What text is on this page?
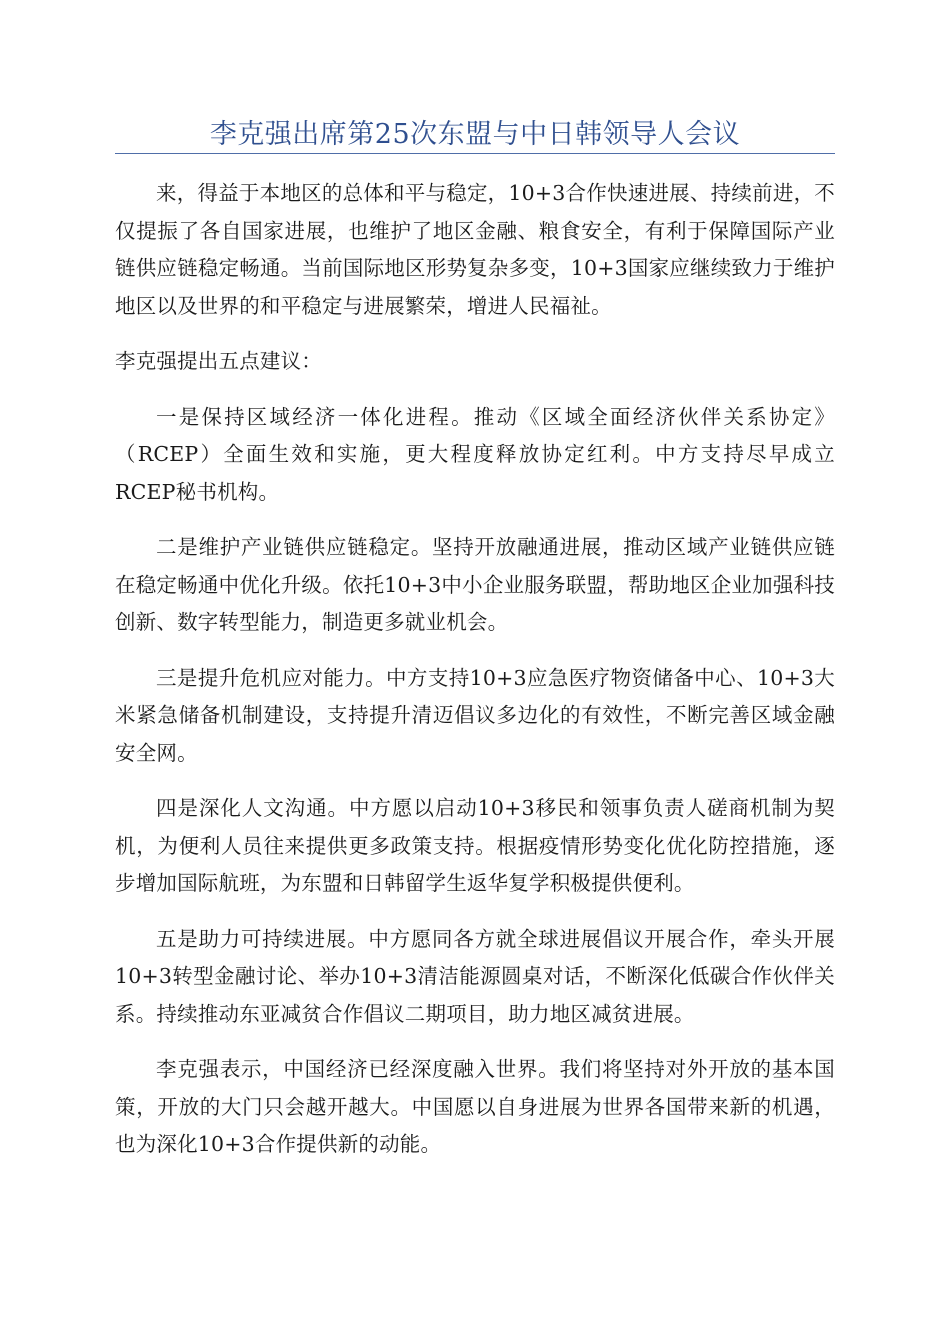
李克强出席第25次东盟与中日韩领导人会议

来，得益于本地区的总体和平与稳定，10+3合作快速进展、持续前进，不仅提振了各自国家进展，也维护了地区金融、粮食安全，有利于保障国际产业链供应链稳定畅通。当前国际地区形势复杂多变，10+3国家应继续致力于维护地区以及世界的和平稳定与进展繁荣，增进人民福祉。

李克强提出五点建议：

一是保持区域经济一体化进程。推动《区域全面经济伙伴关系协定》（RCEP）全面生效和实施，更大程度释放协定红利。中方支持尽早成立RCEP秘书机构。

二是维护产业链供应链稳定。坚持开放融通进展，推动区域产业链供应链在稳定畅通中优化升级。依托10+3中小企业服务联盟，帮助地区企业加强科技创新、数字转型能力，制造更多就业机会。

三是提升危机应对能力。中方支持10+3应急医疗物资储备中心、10+3大米紧急储备机制建设，支持提升清迈倡议多边化的有效性，不断完善区域金融安全网。

四是深化人文沟通。中方愿以启动10+3移民和领事负责人磋商机制为契机，为便利人员往来提供更多政策支持。根据疫情形势变化优化防控措施，逐步增加国际航班，为东盟和日韩留学生返华复学积极提供便利。

五是助力可持续进展。中方愿同各方就全球进展倡议开展合作，牵头开展10+3转型金融讨论、举办10+3清洁能源圆桌对话，不断深化低碳合作伙伴关系。持续推动东亚减贫合作倡议二期项目，助力地区减贫进展。

李克强表示，中国经济已经深度融入世界。我们将坚持对外开放的基本国策，开放的大门只会越开越大。中国愿以自身进展为世界各国带来新的机遇，也为深化10+3合作提供新的动能。
